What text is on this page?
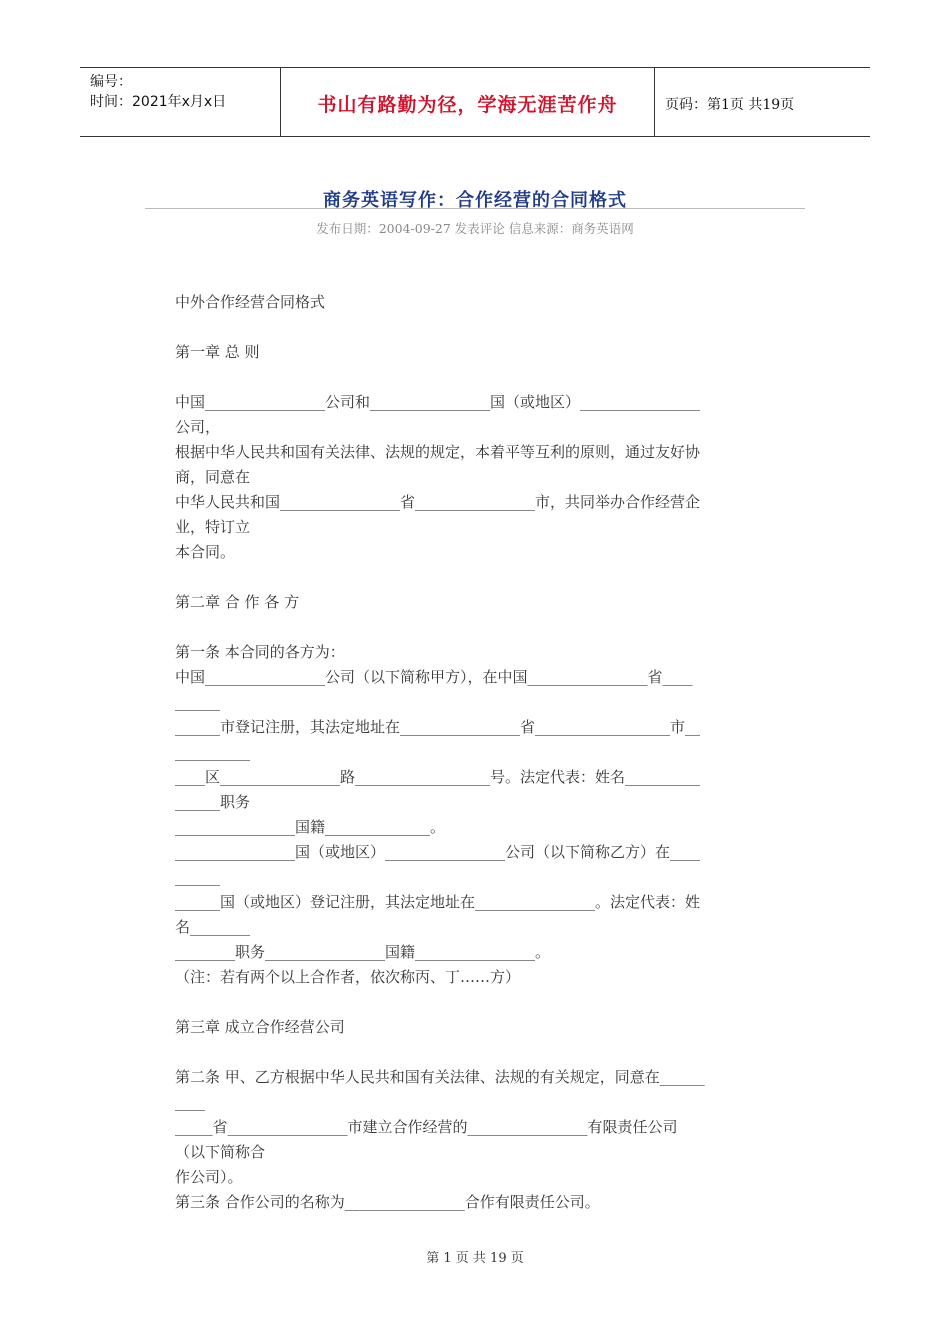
编号：
时间：2021年x月x日	书山有路勤为径，学海无涯苦作舟	页码：第1页 共19页
商务英语写作：合作经营的合同格式
发布日期：2004-09-27 发表评论 信息来源：商务英语网

中外合作经营合同格式

第一章 总 则

中国________________公司和________________国（或地区）________________

公司，

根据中华人民共和国有关法律、法规的规定，本着平等互利的原则，通过友好协

商，同意在

中华人民共和国________________省________________市，共同举办合作经营企

业，特订立

本合同。

第二章 合 作 各 方

第一条 本合同的各方为：

中国________________公司（以下简称甲方），在中国________________省____

______

______市登记注册，其法定地址在________________省__________________市__

__________

____区________________路__________________号。法定代表：姓名__________

______职务

________________国籍______________。

________________国（或地区）________________公司（以下简称乙方）在____

______

______国（或地区）登记注册，其法定地址在________________。法定代表：姓

名________

________职务________________国籍________________。

（注：若有两个以上合作者，依次称丙、丁……方）

第三章 成立合作经营公司

第二条 甲、乙方根据中华人民共和国有关法律、法规的有关规定，同意在______

____

_____省________________市建立合作经营的________________有限责任公司

（以下简称合

作公司）。

第三条 合作公司的名称为________________合作有限责任公司。

第 1 页 共 19 页
